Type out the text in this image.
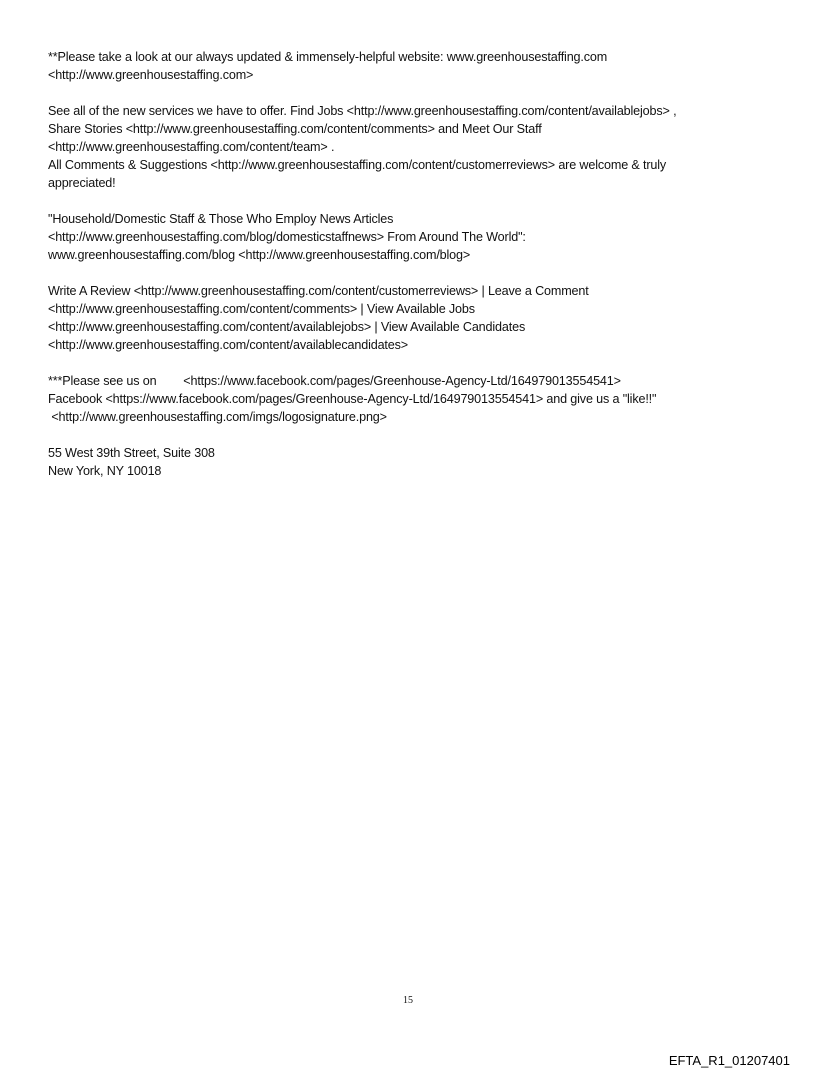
**Please take a look at our always updated & immensely-helpful website: www.greenhousestaffing.com
<http://www.greenhousestaffing.com>
See all of the new services we have to offer. Find Jobs <http://www.greenhousestaffing.com/content/availablejobs> ,
Share Stories <http://www.greenhousestaffing.com/content/comments> and Meet Our Staff
<http://www.greenhousestaffing.com/content/team> .
All Comments & Suggestions <http://www.greenhousestaffing.com/content/customerreviews> are welcome & truly
appreciated!
"Household/Domestic Staff & Those Who Employ News Articles
<http://www.greenhousestaffing.com/blog/domesticstaffnews> From Around The World":
www.greenhousestaffing.com/blog <http://www.greenhousestaffing.com/blog>
Write A Review <http://www.greenhousestaffing.com/content/customerreviews> | Leave a Comment
<http://www.greenhousestaffing.com/content/comments> | View Available Jobs
<http://www.greenhousestaffing.com/content/availablejobs> | View Available Candidates
<http://www.greenhousestaffing.com/content/availablecandidates>
***Please see us on        <https://www.facebook.com/pages/Greenhouse-Agency-Ltd/164979013554541>
Facebook <https://www.facebook.com/pages/Greenhouse-Agency-Ltd/164979013554541> and give us a "like!!"
<http://www.greenhousestaffing.com/imgs/logosignature.png>
55 West 39th Street, Suite 308
New York, NY 10018
15
EFTA_R1_01207401
